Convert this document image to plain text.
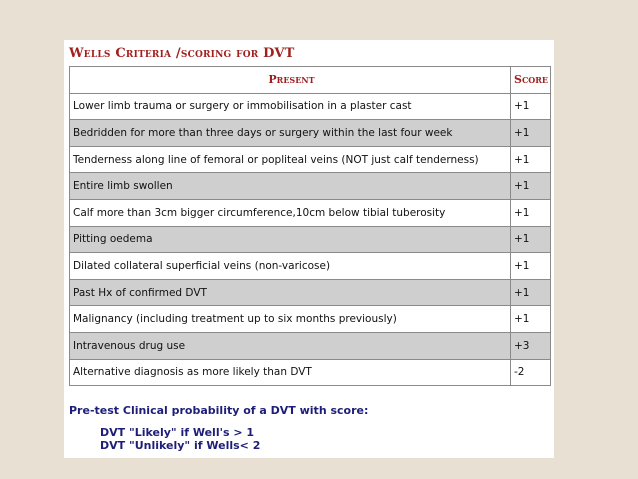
Wells Criteria /scoring for DVT
Present	Score
Lower limb trauma or surgery or immobilisation in a plaster cast	+1
Bedridden for more than three days or surgery within the last four week	+1
Tenderness along line of femoral or popliteal veins (NOT just calf tenderness)	+1
Entire limb swollen	+1
Calf more than 3cm bigger circumference,10cm below tibial tuberosity	+1
Pitting oedema	+1
Dilated collateral superficial veins (non-varicose)	+1
Past Hx of confirmed DVT	+1
Malignancy (including treatment up to six months previously)	+1
Intravenous drug use	+3
Alternative diagnosis as more likely than DVT	-2
Pre-test Clinical probability of a DVT with score:
DVT "Likely" if Well's > 1
DVT "Unlikely" if Wells< 2
